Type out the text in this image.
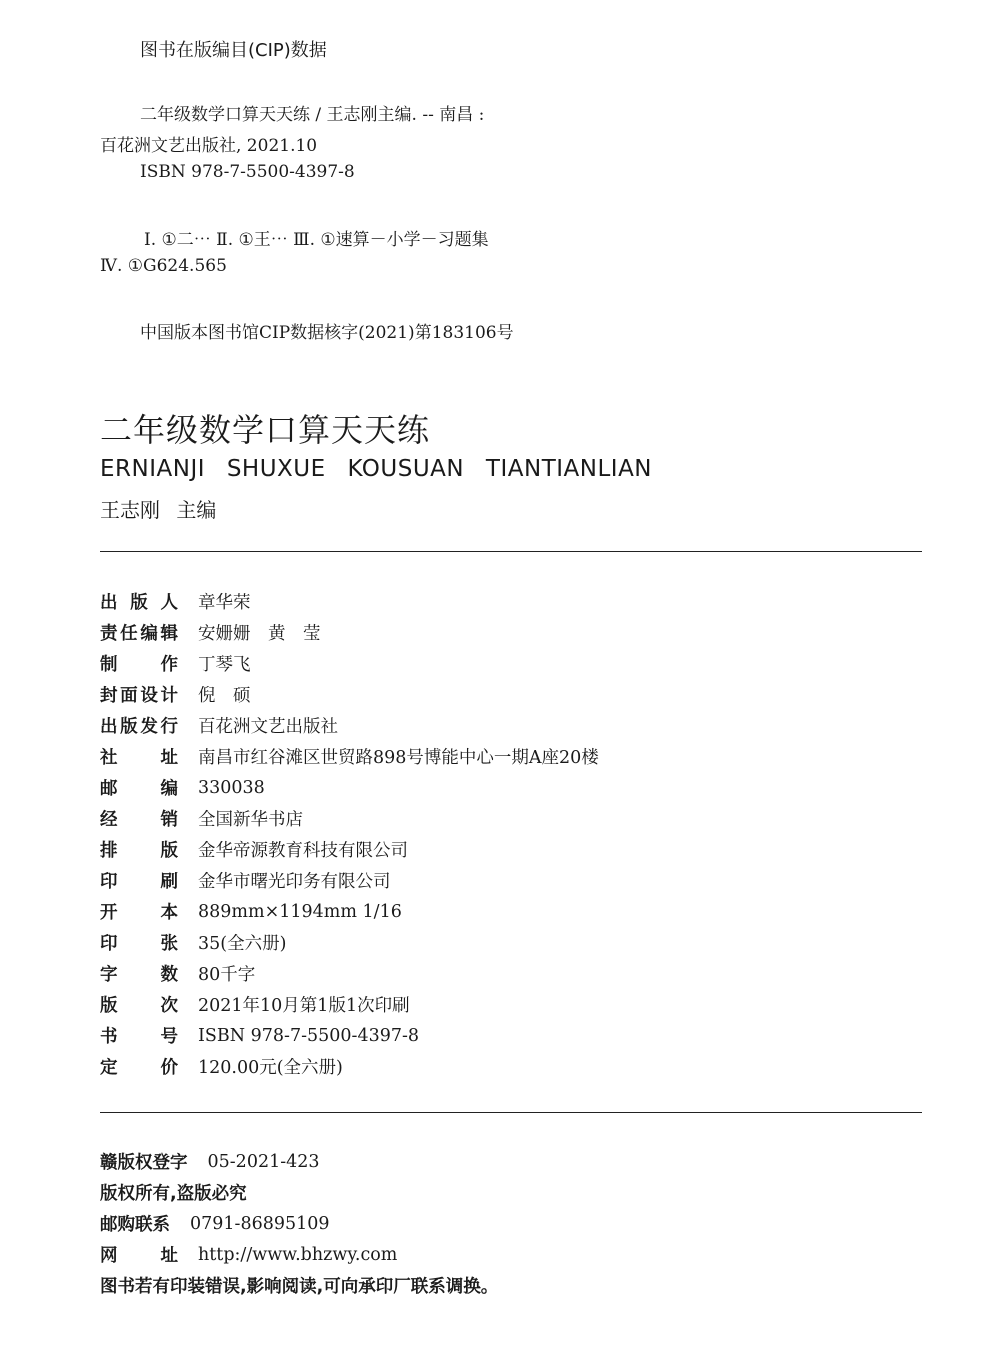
图书在版编目(CIP)数据
二年级数学口算天天练 / 王志刚主编. -- 南昌 :
百花洲文艺出版社, 2021.10
ISBN 978-7-5500-4397-8
Ⅰ. ①二⋯ Ⅱ. ①王⋯ Ⅲ. ①速算－小学－习题集
Ⅳ. ①G624.565
中国版本图书馆CIP数据核字(2021)第183106号
二年级数学口算天天练
ERNIANJI SHUXUE KOUSUAN TIANTIANLIAN
王志刚 主编
出 版 人 章华荣
责 任 编 辑 安姗姗　黄　莹
制 作 丁琴飞
封 面 设 计 倪　硕
出 版 发 行 百花洲文艺出版社
社 址 南昌市红谷滩区世贸路898号博能中心一期A座20楼
邮 编 330038
经 销 全国新华书店
排 版 金华帝源教育科技有限公司
印 刷 金华市曙光印务有限公司
开 本 889mm×1194mm 1/16
印 张 35(全六册)
字 数 80千字
版 次 2021年10月第1版1次印刷
书 号 ISBN 978-7-5500-4397-8
定 价 120.00元(全六册)
赣版权登字 05-2021-423
版权所有,盗版必究
邮购联系 0791-86895109
网 址 http://www.bhzwy.com
图书若有印装错误,影响阅读,可向承印厂联系调换。
